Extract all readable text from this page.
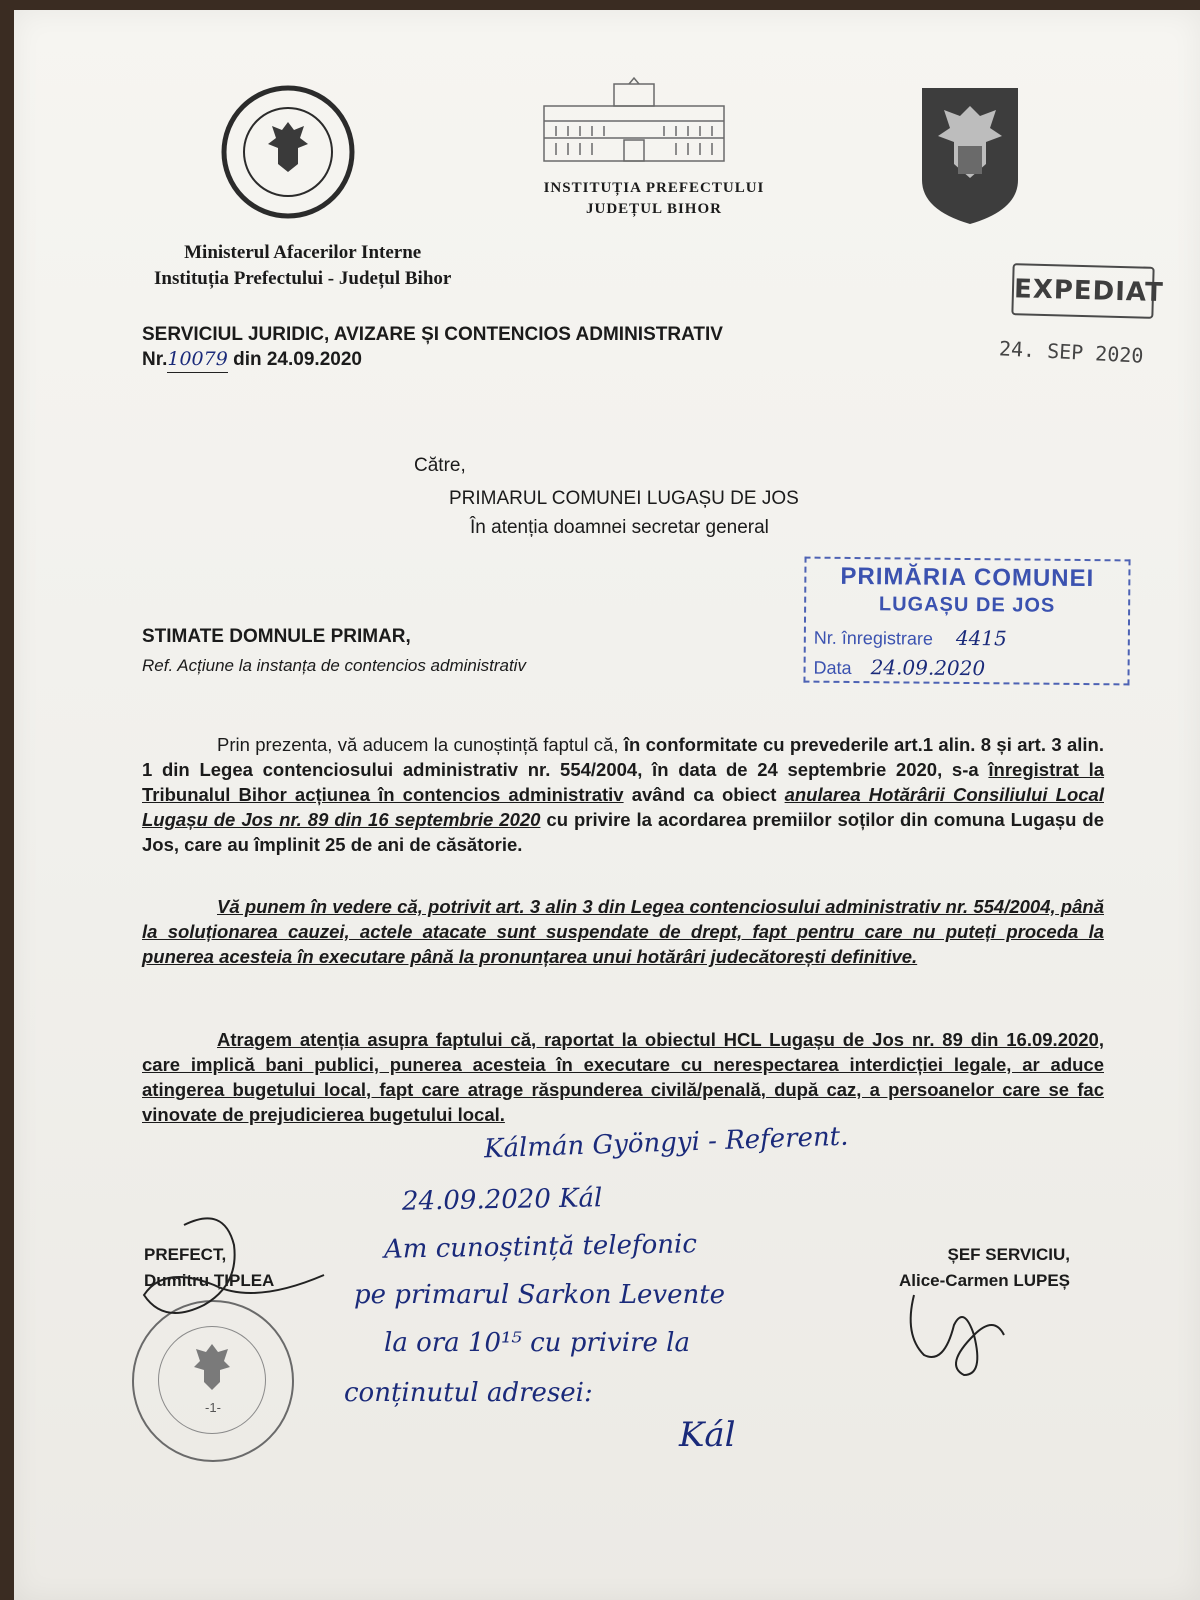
INSTITUȚIA PREFECTULUI
JUDEȚUL BIHOR
Ministerul Afacerilor Interne
Instituția Prefectului - Județul Bihor	EXPEDIAT
24. SEP 2020
SERVICIUL JURIDIC, AVIZARE ȘI CONTENCIOS ADMINISTRATIV
Nr.10079 din 24.09.2020
Către,
PRIMARUL COMUNEI LUGAȘU DE JOS
În atenția doamnei secretar general
PRIMĂRIA COMUNEI
LUGAȘU DE JOS
Nr. înregistrare 4415
Data 24.09.2020
STIMATE DOMNULE PRIMAR,
Ref. Acțiune la instanța de contencios administrativ
Prin prezenta, vă aducem la cunoștință faptul că, în conformitate cu prevederile art.1 alin. 8 și art. 3 alin. 1 din Legea contenciosului administrativ nr. 554/2004, în data de 24 septembrie 2020, s-a înregistrat la Tribunalul Bihor acțiunea în contencios administrativ având ca obiect anularea Hotărârii Consiliului Local Lugașu de Jos nr. 89 din 16 septembrie 2020 cu privire la acordarea premiilor soților din comuna Lugașu de Jos, care au împlinit 25 de ani de căsătorie.
Vă punem în vedere că, potrivit art. 3 alin 3 din Legea contenciosului administrativ nr. 554/2004, până la soluționarea cauzei, actele atacate sunt suspendate de drept, fapt pentru care nu puteți proceda la punerea acesteia în executare până la pronunțarea unui hotărâri judecătorești definitive.
Atragem atenția asupra faptului că, raportat la obiectul HCL Lugașu de Jos nr. 89 din 16.09.2020, care implică bani publici, punerea acesteia în executare cu nerespectarea interdicției legale, ar aduce atingerea bugetului local, fapt care atrage răspunderea civilă/penală, după caz, a persoanelor care se fac vinovate de prejudicierea bugetului local.
PREFECT,
Dumitru ȚIPLEA
ȘEF SERVICIU,
Alice-Carmen LUPEȘ
-1-
Kálmán Gyöngyi - Referent.
24.09.2020 Kál
Am cunoștință telefonic
pe primarul Sarkon Levente
la ora 10¹⁵ cu privire la
conținutul adresei:
Kál
